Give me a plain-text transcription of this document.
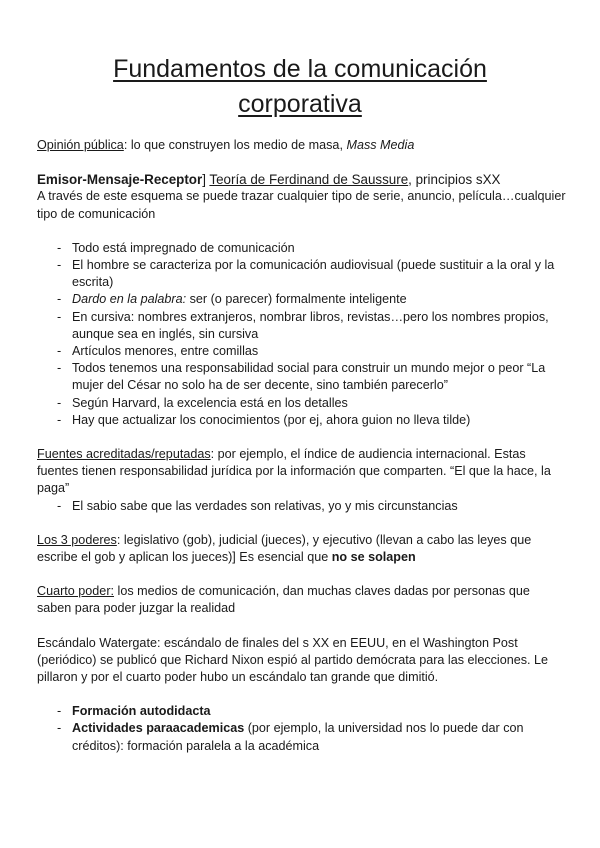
Fundamentos de la comunicación
corporativa

Opinión pública: lo que construyen los medio de masa, Mass Media

Emisor-Mensaje-Receptor] Teoría de Ferdinand de Saussure, principios sXX

A través de este esquema se puede trazar cualquier tipo de serie, anuncio, película…cualquier tipo de comunicación

- Todo está impregnado de comunicación
- El hombre se caracteriza por la comunicación audiovisual (puede sustituir a la oral y la escrita)
- Dardo en la palabra: ser (o parecer) formalmente inteligente
- En cursiva: nombres extranjeros, nombrar libros, revistas…pero los nombres propios, aunque sea en inglés, sin cursiva
- Artículos menores, entre comillas
- Todos tenemos una responsabilidad social para construir un mundo mejor o peor “La mujer del César no solo ha de ser decente, sino también parecerlo”
- Según Harvard, la excelencia está en los detalles
- Hay que actualizar los conocimientos (por ej, ahora guion no lleva tilde)

Fuentes acreditadas/reputadas: por ejemplo, el índice de audiencia internacional. Estas fuentes tienen responsabilidad jurídica por la información que comparten. “El que la hace, la paga”

- El sabio sabe que las verdades son relativas, yo y mis circunstancias

Los 3 poderes: legislativo (gob), judicial (jueces), y ejecutivo (llevan a cabo las leyes que escribe el gob y aplican los jueces)] Es esencial que no se solapen

Cuarto poder: los medios de comunicación, dan muchas claves dadas por personas que saben para poder juzgar la realidad

Escándalo Watergate: escándalo de finales del s XX en EEUU, en el Washington Post (periódico) se publicó que Richard Nixon espió al partido demócrata para las elecciones. Le pillaron y por el cuarto poder hubo un escándalo tan grande que dimitió.

- Formación autodidacta
- Actividades paraacademicas (por ejemplo, la universidad nos lo puede dar con créditos): formación paralela a la académica
